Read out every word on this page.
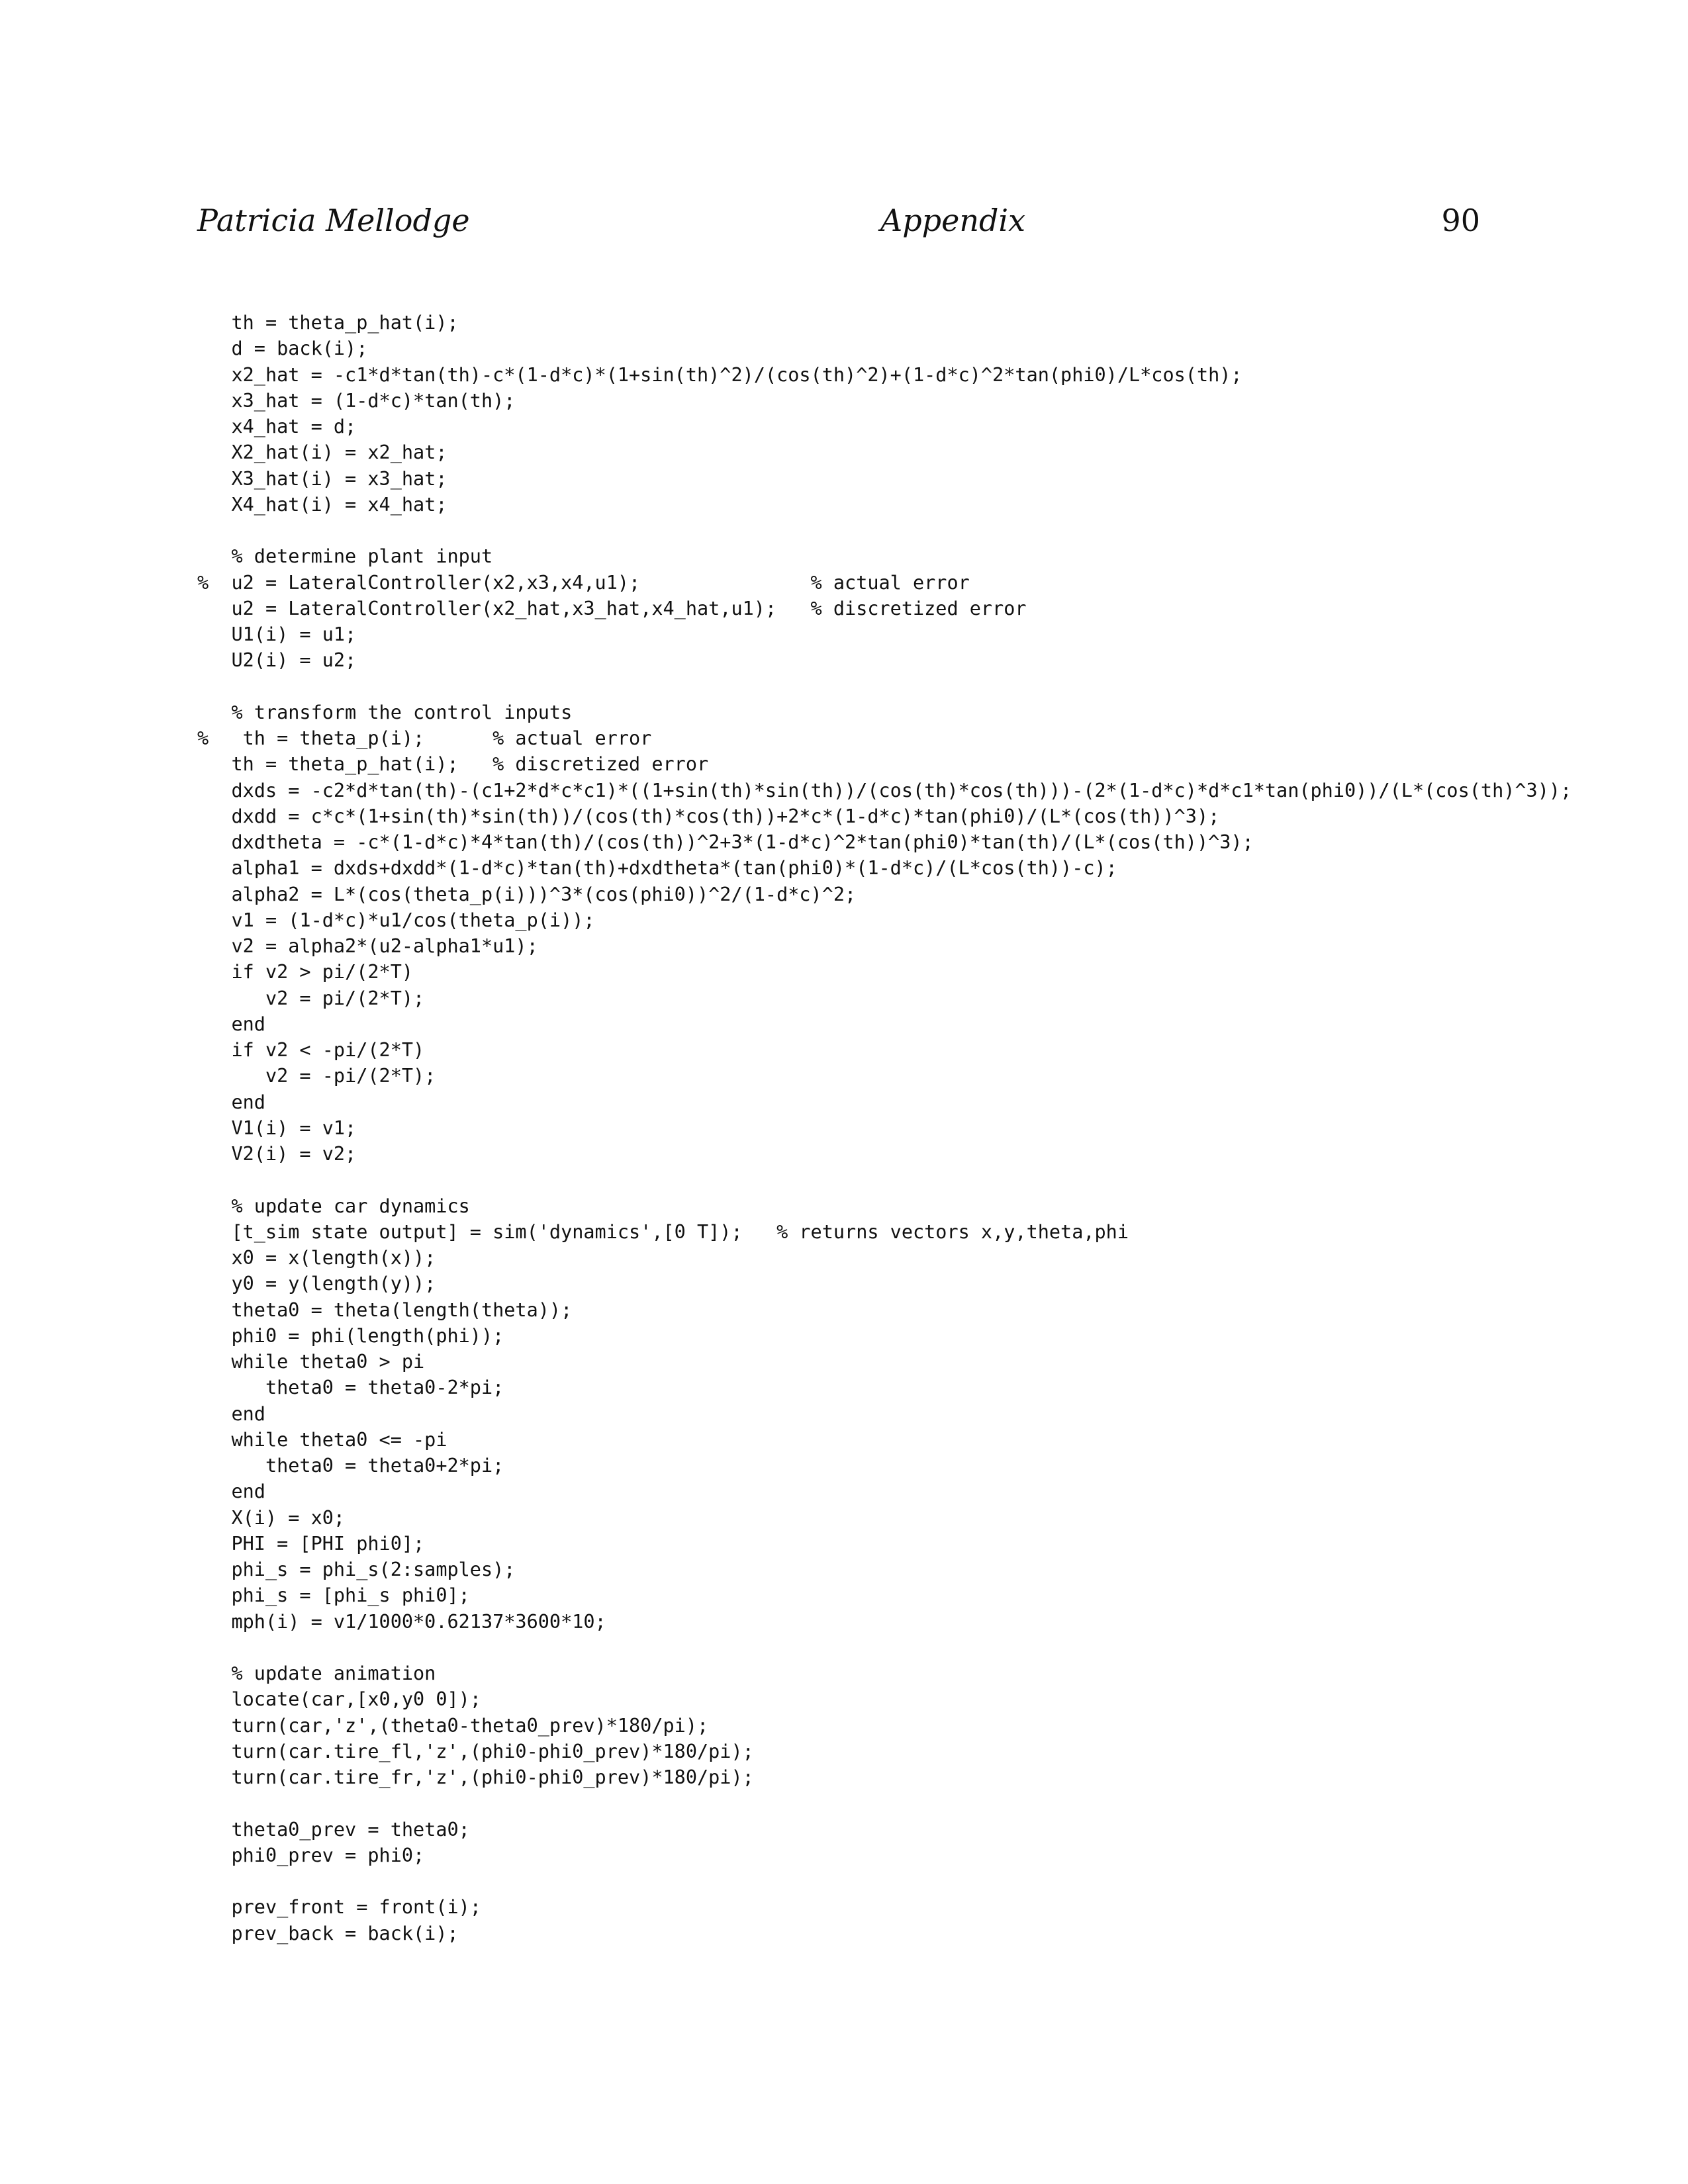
Patricia Mellodge	Appendix	90
th = theta_p_hat(i);
d = back(i);
x2_hat = -c1*d*tan(th)-c*(1-d*c)*(1+sin(th)^2)/(cos(th)^2)+(1-d*c)^2*tan(phi0)/L*cos(th);
x3_hat = (1-d*c)*tan(th);
x4_hat = d;
X2_hat(i) = x2_hat;
X3_hat(i) = x3_hat;
X4_hat(i) = x4_hat;
% determine plant input
%  u2 = LateralController(x2,x3,x4,u1);               % actual error
u2 = LateralController(x2_hat,x3_hat,x4_hat,u1);   % discretized error
U1(i) = u1;
U2(i) = u2;
% transform the control inputs
%   th = theta_p(i);      % actual error
th = theta_p_hat(i);   % discretized error
dxds = -c2*d*tan(th)-(c1+2*d*c*c1)*((1+sin(th)*sin(th))/(cos(th)*cos(th)))-(2*(1-d*c)*d*c1*tan(phi0))/(L*(cos(th)^3));
dxdd = c*c*(1+sin(th)*sin(th))/(cos(th)*cos(th))+2*c*(1-d*c)*tan(phi0)/(L*(cos(th))^3);
dxdtheta = -c*(1-d*c)*4*tan(th)/(cos(th))^2+3*(1-d*c)^2*tan(phi0)*tan(th)/(L*(cos(th))^3);
alpha1 = dxds+dxdd*(1-d*c)*tan(th)+dxdtheta*(tan(phi0)*(1-d*c)/(L*cos(th))-c);
alpha2 = L*(cos(theta_p(i)))^3*(cos(phi0))^2/(1-d*c)^2;
v1 = (1-d*c)*u1/cos(theta_p(i));
v2 = alpha2*(u2-alpha1*u1);
if v2 > pi/(2*T)
v2 = pi/(2*T);
end
if v2 < -pi/(2*T)
v2 = -pi/(2*T);
end
V1(i) = v1;
V2(i) = v2;
% update car dynamics
[t_sim state output] = sim('dynamics',[0 T]);   % returns vectors x,y,theta,phi
x0 = x(length(x));
y0 = y(length(y));
theta0 = theta(length(theta));
phi0 = phi(length(phi));
while theta0 > pi
theta0 = theta0-2*pi;
end
while theta0 <= -pi
theta0 = theta0+2*pi;
end
X(i) = x0;
PHI = [PHI phi0];
phi_s = phi_s(2:samples);
phi_s = [phi_s phi0];
mph(i) = v1/1000*0.62137*3600*10;
% update animation
locate(car,[x0,y0 0]);
turn(car,'z',(theta0-theta0_prev)*180/pi);
turn(car.tire_fl,'z',(phi0-phi0_prev)*180/pi);
turn(car.tire_fr,'z',(phi0-phi0_prev)*180/pi);
theta0_prev = theta0;
phi0_prev = phi0;
prev_front = front(i);
prev_back = back(i);
